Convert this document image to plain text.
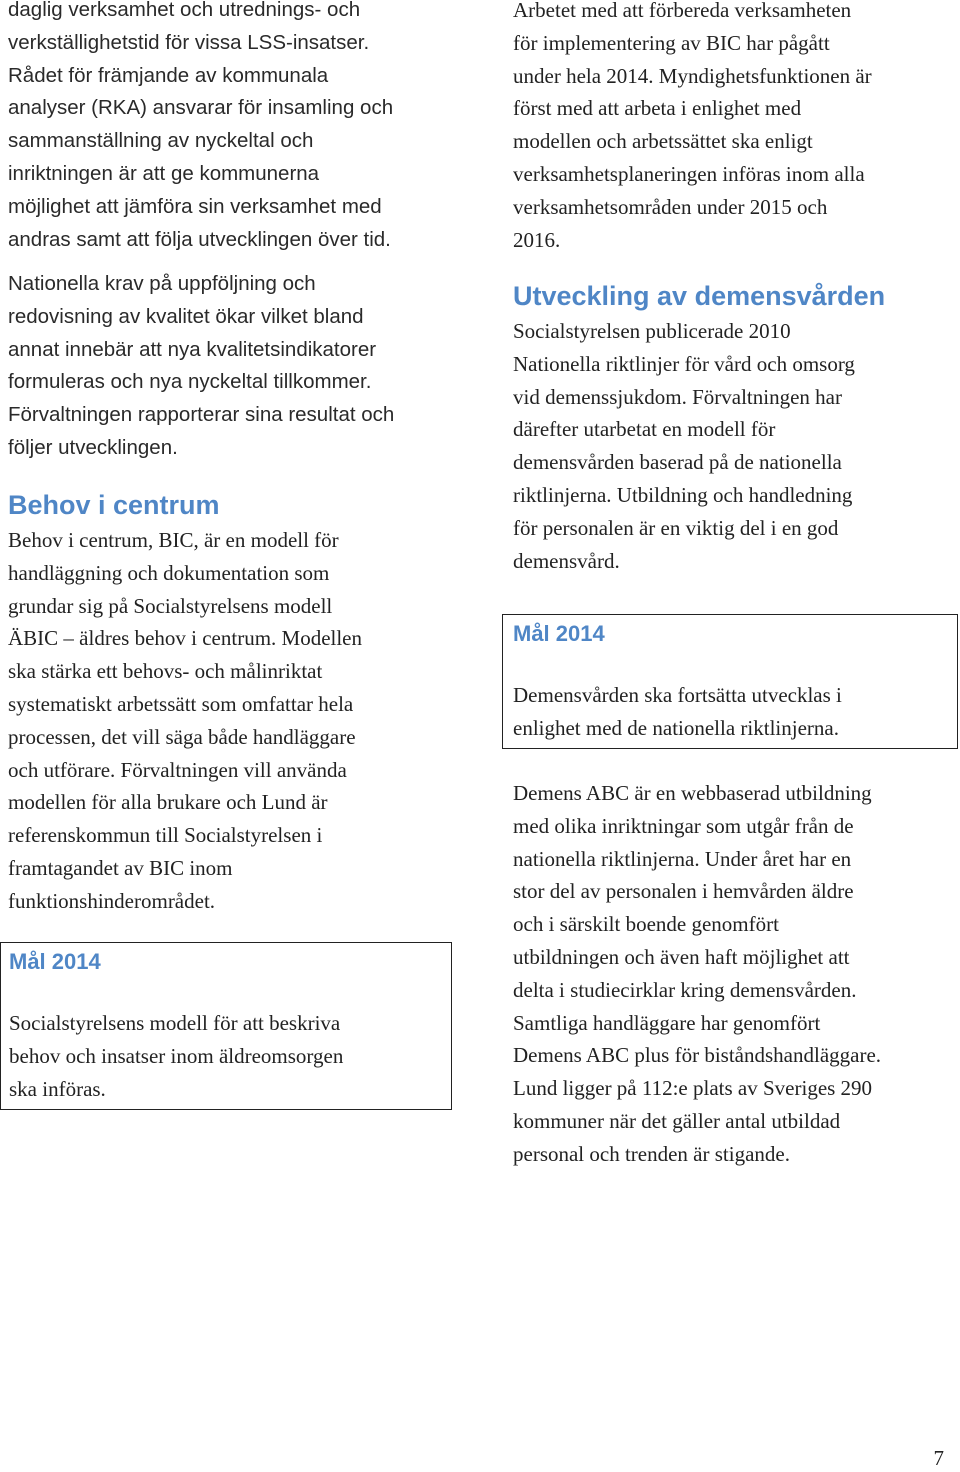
daglig verksamhet och utrednings- och
verkställighetstid för vissa LSS-insatser.
Rådet för främjande av kommunala
analyser (RKA) ansvarar för insamling och
sammanställning av nyckeltal och
inriktningen är att ge kommunerna
möjlighet att jämföra sin verksamhet med
andras samt att följa utvecklingen över tid.
Nationella krav på uppföljning och
redovisning av kvalitet ökar vilket bland
annat innebär att nya kvalitetsindikatorer
formuleras och nya nyckeltal tillkommer.
Förvaltningen rapporterar sina resultat och
följer utvecklingen.
Behov i centrum
Behov i centrum, BIC, är en modell för
handläggning och dokumentation som
grundar sig på Socialstyrelsens modell
ÄBIC – äldres behov i centrum. Modellen
ska stärka ett behovs- och målinriktat
systematiskt arbetssätt som omfattar hela
processen, det vill säga både handläggare
och utförare. Förvaltningen vill använda
modellen för alla brukare och Lund är
referenskommun till Socialstyrelsen i
framtagandet av BIC inom
funktionshinderområdet.
Mål 2014
Socialstyrelsens modell för att beskriva
behov och insatser inom äldreomsorgen
ska införas.
Arbetet med att förbereda verksamheten
för implementering av BIC har pågått
under hela 2014. Myndighetsfunktionen är
först med att arbeta i enlighet med
modellen och arbetssättet ska enligt
verksamhetsplaneringen införas inom alla
verksamhetsområden under 2015 och
2016.
Utveckling av demensvården
Socialstyrelsen publicerade 2010
Nationella riktlinjer för vård och omsorg
vid demenssjukdom. Förvaltningen har
därefter utarbetat en modell för
demensvården baserad på de nationella
riktlinjerna. Utbildning och handledning
för personalen är en viktig del i en god
demensvård.
Demens ABC är en webbaserad utbildning
med olika inriktningar som utgår från de
nationella riktlinjerna. Under året har en
stor del av personalen i hemvården äldre
och i särskilt boende genomfört
utbildningen och även haft möjlighet att
delta i studiecirklar kring demensvården.
Samtliga handläggare har genomfört
Demens ABC plus för biståndshandläggare.
Lund ligger på 112:e plats av Sveriges 290
kommuner när det gäller antal utbildad
personal och trenden är stigande.
Mål 2014
Demensvården ska fortsätta utvecklas i
enlighet med de nationella riktlinjerna.
7
